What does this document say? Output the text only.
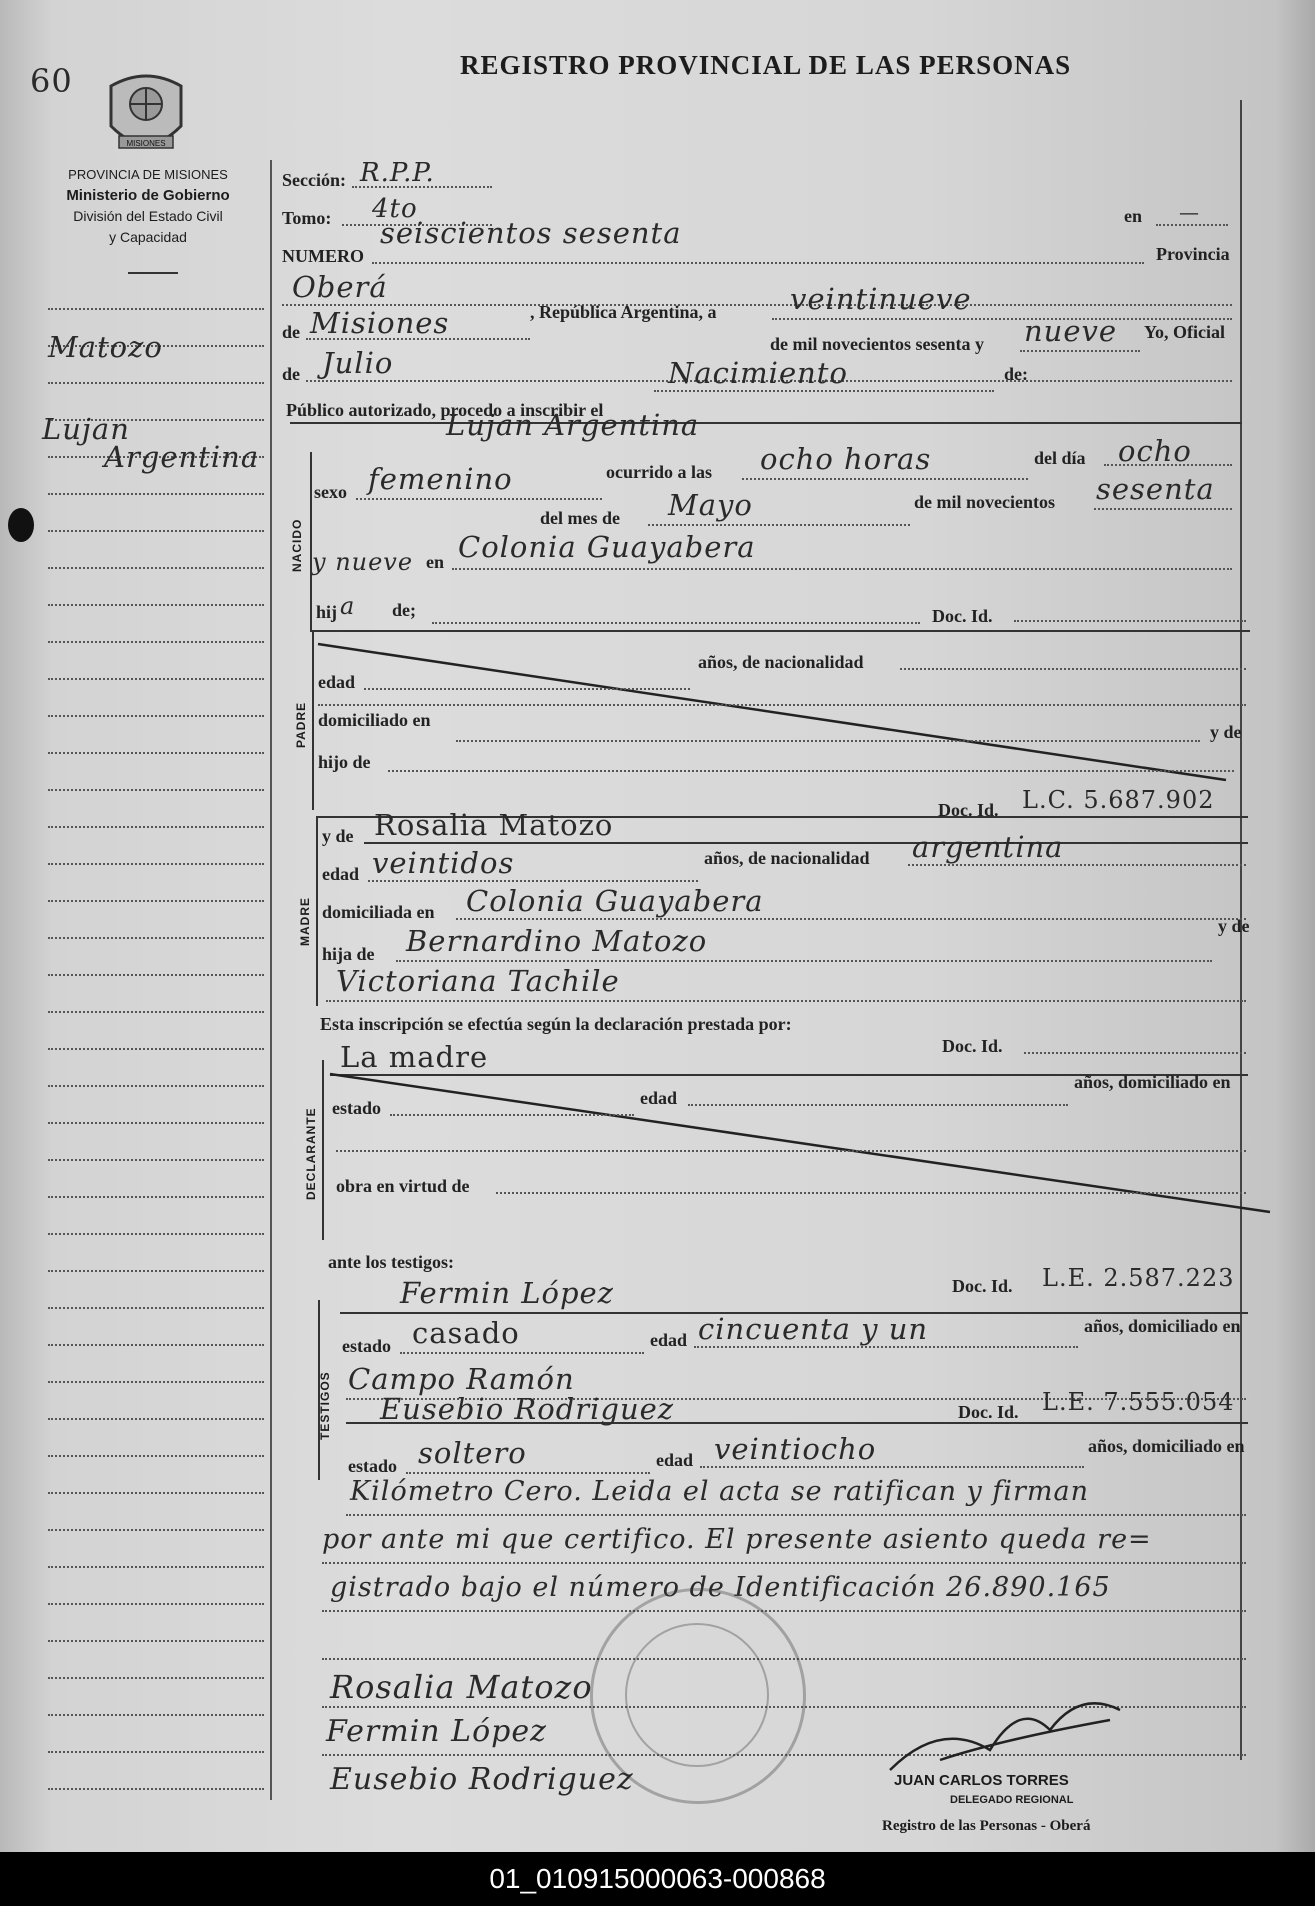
60
MISIONES
REGISTRO PROVINCIAL DE LAS PERSONAS
PROVINCIA DE MISIONES
Ministerio de Gobierno
División del Estado Civil
y Capacidad
Matozo
Lujan
Argentina
Sección: R.P.P.
Tomo: 4to	en —
NUMERO
seiscientos sesenta
Provincia
Oberá
de Misiones	, República Argentina, a	veintinueve
de mil novecientos sesenta y nueve Yo, Oficial
de Julio
Público autorizado, procedo a inscribir el
Nacimiento	de:
Lujan Argentina
NACIDO
sexo femenino	ocurrido a las ocho horas	del día ocho
del mes de Mayo	de mil novecientos sesenta
y nueve en Colonia Guayabera
hij a de;	Doc. Id.
PADRE
edad
años, de nacionalidad
domiciliado en
y de
hijo de
MADRE
Doc. Id. L.C. 5.687.902
y de Rosalia Matozo
edad veintidos	años, de nacionalidad argentina
domiciliada en Colonia Guayabera
hija de Bernardino Matozo	y de
Victoriana Tachile
Esta inscripción se efectúa según la declaración prestada por:
Doc. Id.
La madre
DECLARANTE estado	edad
años, domiciliado en
obra en virtud de
ante los testigos:
TESTIGOS
Fermin López	Doc. Id. L.E. 2.587.223
estado casado	edad cincuenta y un	años, domiciliado en
Campo Ramón
Eusebio Rodriguez	Doc. Id. L.E. 7.555.054
estado soltero	edad veintiocho	años, domiciliado en
Kilómetro Cero. Leida el acta se ratifican y firman
por ante mi que certifico. El presente asiento queda re=
gistrado bajo el número de Identificación 26.890.165
Rosalia Matozo
Fermin López
Eusebio Rodriguez	JUAN CARLOS TORRES
DELEGADO REGIONAL
Registro de las Personas - Oberá
01_010915000063-000868
